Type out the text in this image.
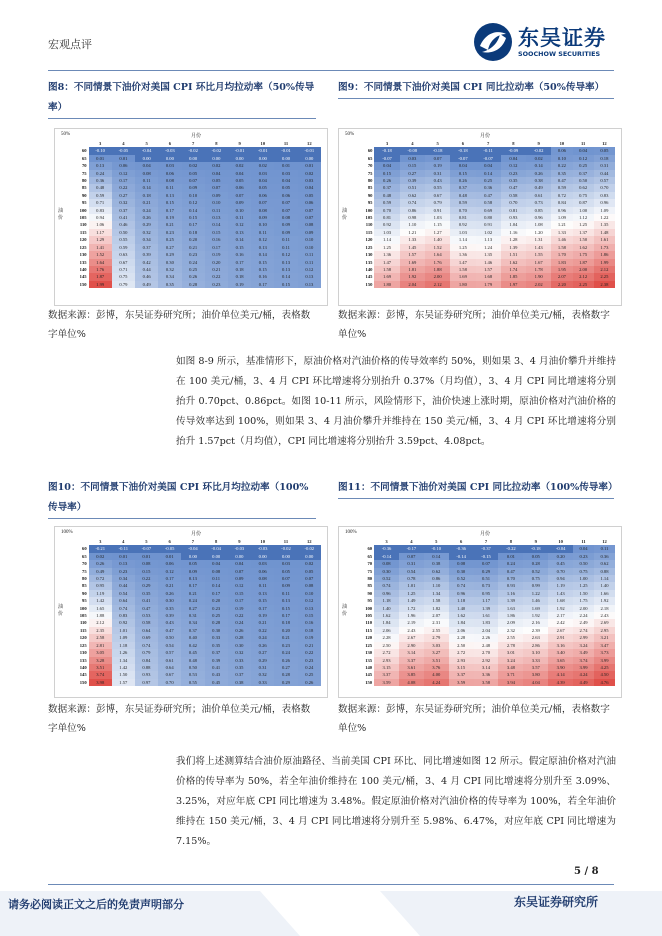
宏观点评	东吴证券
SOOCHOW SECURITIES
图8：不同情景下油价对美国 CPI 环比月均拉动率（50%传导率）
50%	月份
油价
	3	4	5	6	7	8	9	10	11	12
60	-0.10	-0.05	-0.04	-0.03	-0.02	-0.02	-0.01	-0.01	-0.01	-0.01
65	0.01	0.01	0.00	0.00	0.00	0.00	0.00	0.00	0.00	0.00
70	0.13	0.06	0.04	0.03	0.02	0.02	0.02	0.02	0.01	0.01
75	0.24	0.12	0.08	0.06	0.05	0.04	0.04	0.03	0.03	0.02
80	0.36	0.17	0.11	0.08	0.07	0.05	0.05	0.04	0.04	0.03
85	0.48	0.22	0.14	0.11	0.09	0.07	0.06	0.05	0.05	0.04
90	0.59	0.27	0.18	0.13	0.10	0.09	0.07	0.06	0.06	0.05
95	0.71	0.32	0.21	0.15	0.12	0.10	0.09	0.07	0.07	0.06
100	0.83	0.37	0.24	0.17	0.14	0.11	0.10	0.08	0.07	0.07
105	0.94	0.41	0.26	0.19	0.15	0.13	0.11	0.09	0.08	0.07
110	1.06	0.46	0.29	0.21	0.17	0.14	0.12	0.10	0.09	0.08
115	1.17	0.50	0.32	0.23	0.18	0.15	0.13	0.11	0.09	0.09
120	1.29	0.55	0.34	0.25	0.20	0.16	0.14	0.12	0.11	0.10
125	1.41	0.59	0.37	0.27	0.21	0.17	0.15	0.13	0.11	0.10
130	1.52	0.63	0.39	0.29	0.23	0.19	0.16	0.14	0.12	0.11
135	1.64	0.67	0.42	0.30	0.24	0.20	0.17	0.15	0.13	0.11
140	1.76	0.71	0.44	0.32	0.25	0.21	0.18	0.15	0.13	0.12
145	1.87	0.75	0.46	0.34	0.26	0.22	0.18	0.16	0.14	0.13
150	1.99	0.79	0.49	0.35	0.28	0.23	0.19	0.17	0.15	0.13
数据来源：彭博，东吴证券研究所；油价单位美元/桶，表格数字单位%
图9：不同情景下油价对美国 CPI 同比拉动率（50%传导率）
50%	月份
油价
	3	4	5	6	7	8	9	10	11	12
60	-0.18	-0.08	-0.18	-0.18	-0.11	-0.09	-0.02	0.06	0.04	0.05
65	-0.07	0.03	0.07	-0.07	-0.07	0.04	0.02	0.10	0.12	0.18
70	0.04	0.15	0.19	0.04	0.04	0.12	0.14	0.22	0.25	0.31
75	0.15	0.27	0.31	0.15	0.14	0.23	0.26	0.35	0.37	0.44
80	0.26	0.39	0.43	0.26	0.25	0.35	0.38	0.47	0.50	0.57
85	0.37	0.51	0.55	0.37	0.36	0.47	0.49	0.59	0.62	0.70
90	0.48	0.62	0.67	0.48	0.47	0.58	0.61	0.72	0.75	0.83
95	0.59	0.74	0.79	0.59	0.58	0.70	0.73	0.84	0.87	0.96
100	0.70	0.86	0.91	0.70	0.69	0.81	0.85	0.96	1.00	1.09
105	0.81	0.98	1.03	0.81	0.80	0.93	0.96	1.09	1.12	1.22
110	0.92	1.10	1.15	0.92	0.91	1.04	1.08	1.21	1.25	1.35
115	1.03	1.21	1.27	1.03	1.02	1.16	1.20	1.33	1.37	1.48
120	1.14	1.33	1.40	1.14	1.13	1.28	1.31	1.46	1.50	1.61
125	1.25	1.45	1.52	1.25	1.24	1.39	1.43	1.58	1.62	1.73
130	1.36	1.57	1.64	1.36	1.35	1.51	1.55	1.70	1.75	1.86
135	1.47	1.69	1.76	1.47	1.46	1.62	1.67	1.83	1.87	1.99
140	1.58	1.81	1.88	1.58	1.57	1.74	1.78	1.95	2.00	2.12
145	1.69	1.92	2.00	1.69	1.68	1.85	1.90	2.07	2.12	2.25
150	1.80	2.04	2.12	1.80	1.79	1.97	2.02	2.20	2.25	2.38
数据来源：彭博，东吴证券研究所；油价单位美元/桶，表格数字单位%
如图 8-9 所示，基准情形下，原油价格对汽油价格的传导效率约 50%，则如果 3、4 月油价攀升并维持在 100 美元/桶，3、4 月 CPI 环比增速将分别抬升 0.37%（月均值），3、4 月 CPI 同比增速将分别抬升 0.70pct、0.86pct。如图 10-11 所示，风险情形下，油价快速上涨时期，原油价格对汽油价格的传导效率达到 100%，则如果 3、4 月油价攀升并维持在 150 美元/桶，3、4 月 CPI 环比增速将分别抬升 1.57pct（月均值），CPI 同比增速将分别抬升 3.59pct、4.08pct。
图10：不同情景下油价对美国 CPI 环比月均拉动率（100%传导率）
100%	月份
油价
	3	4	5	6	7	8	9	10	11	12
60	-0.21	-0.11	-0.07	-0.05	-0.04	-0.04	-0.03	-0.03	-0.02	-0.02
65	0.02	0.01	0.01	0.01	0.00	0.00	0.00	0.00	0.00	0.00
70	0.26	0.13	0.08	0.06	0.05	0.04	0.04	0.03	0.03	0.02
75	0.49	0.23	0.15	0.12	0.09	0.08	0.07	0.06	0.05	0.05
80	0.72	0.34	0.22	0.17	0.13	0.11	0.09	0.08	0.07	0.07
85	0.95	0.44	0.29	0.21	0.17	0.14	0.12	0.11	0.09	0.08
90	1.19	0.54	0.35	0.26	0.21	0.17	0.15	0.13	0.11	0.10
95	1.42	0.64	0.41	0.30	0.24	0.20	0.17	0.15	0.13	0.12
100	1.65	0.74	0.47	0.35	0.27	0.23	0.19	0.17	0.15	0.13
105	1.88	0.83	0.53	0.39	0.31	0.25	0.22	0.19	0.17	0.15
110	2.12	0.92	0.58	0.43	0.34	0.28	0.24	0.21	0.18	0.16
115	2.35	1.01	0.64	0.47	0.37	0.30	0.26	0.22	0.20	0.18
120	2.58	1.09	0.69	0.50	0.40	0.33	0.28	0.24	0.21	0.19
125	2.81	1.18	0.74	0.54	0.42	0.35	0.30	0.26	0.23	0.21
130	3.05	1.26	0.79	0.57	0.45	0.37	0.32	0.27	0.24	0.22
135	3.28	1.34	0.84	0.61	0.48	0.39	0.33	0.29	0.26	0.23
140	3.51	1.42	0.88	0.64	0.50	0.41	0.35	0.31	0.27	0.24
145	3.74	1.50	0.93	0.67	0.53	0.43	0.37	0.32	0.28	0.25
150	3.98	1.57	0.97	0.70	0.55	0.45	0.38	0.33	0.29	0.26
数据来源：彭博，东吴证券研究所；油价单位美元/桶，表格数字单位%
图11：不同情景下油价对美国 CPI 同比拉动率（100%传导率）
100%	月份
油价
	3	4	5	6	7	8	9	10	11	12
60	-0.36	-0.17	-0.10	-0.36	-0.37	-0.22	-0.18	-0.04	0.04	0.11
65	-0.14	0.07	0.14	-0.14	-0.15	0.01	0.05	0.20	0.23	0.36
70	0.08	0.31	0.38	0.08	0.07	0.24	0.28	0.45	0.50	0.62
75	0.30	0.54	0.62	0.30	0.29	0.47	0.52	0.70	0.75	0.88
80	0.52	0.78	0.86	0.52	0.51	0.70	0.75	0.94	1.00	1.14
85	0.74	1.01	1.10	0.74	0.73	0.93	0.99	1.19	1.25	1.40
90	0.96	1.25	1.34	0.96	0.95	1.16	1.22	1.43	1.50	1.66
95	1.18	1.49	1.58	1.18	1.17	1.39	1.46	1.68	1.75	1.92
100	1.40	1.72	1.82	1.40	1.39	1.63	1.69	1.92	2.00	2.18
105	1.62	1.96	2.07	1.62	1.61	1.86	1.92	2.17	2.24	2.43
110	1.84	2.19	2.31	1.84	1.83	2.09	2.16	2.42	2.49	2.69
115	2.06	2.43	2.55	2.06	2.04	2.32	2.39	2.67	2.74	2.95
120	2.28	2.67	2.79	2.28	2.26	2.55	2.63	2.91	2.99	3.21
125	2.50	2.90	3.03	2.50	2.48	2.78	2.86	3.16	3.24	3.47
130	2.72	3.14	3.27	2.72	2.70	3.01	3.10	3.40	3.49	3.73
135	2.93	3.37	3.51	2.93	2.92	3.24	3.33	3.65	3.74	3.99
140	3.15	3.61	3.76	3.15	3.14	3.48	3.57	3.90	3.99	4.25
145	3.37	3.85	4.00	3.37	3.36	3.71	3.80	4.14	4.24	4.50
150	3.59	4.08	4.24	3.59	3.58	3.94	4.04	4.39	4.49	4.76
数据来源：彭博，东吴证券研究所；油价单位美元/桶，表格数字单位%
我们将上述测算结合油价原油路径、当前美国 CPI 环比、同比增速如图 12 所示。假定原油价格对汽油价格的传导率为 50%，若全年油价维持在 100 美元/桶，3、4 月 CPI 同比增速将分别升至 3.09%、3.25%，对应年底 CPI 同比增速为 3.48%。假定原油价格对汽油价格的传导率为 100%，若全年油价维持在 150 美元/桶，3、4 月 CPI 同比增速将分别升至 5.98%、6.47%，对应年底 CPI 同比增速为 7.15%。
5 / 8
请务必阅读正文之后的免责声明部分	东吴证券研究所
